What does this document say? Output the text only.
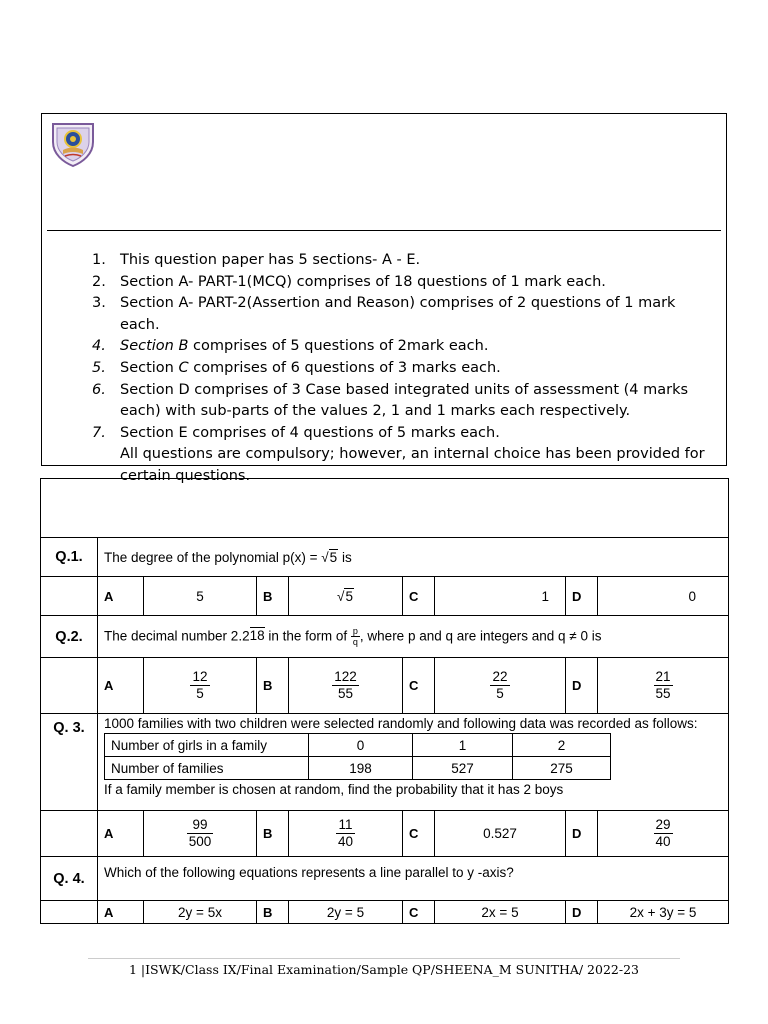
1. This question paper has 5 sections- A - E.
2. Section A- PART-1(MCQ) comprises of 18 questions of 1 mark each.
3. Section A- PART-2(Assertion and Reason) comprises of 2 questions of 1 mark each.
4. Section B comprises of 5 questions of 2mark each.
5. Section C comprises of 6 questions of 3 marks each.
6. Section D comprises of 3 Case based integrated units of assessment (4 marks each) with sub-parts of the values 2, 1 and 1 marks each respectively.
7. Section E comprises of 4 questions of 5 marks each.
All questions are compulsory; however, an internal choice has been provided for certain questions.

Q.1.	The degree of the polynomial p(x) = √5 is
	A	5	B	√5	C	1	D	0
Q.2.	The decimal number 2.218 in the form of $\frac{p}{q}$ , where p and q are integers and q ≠ 0 is
	A	$\frac{12}{5}$	B	$\frac{122}{55}$	C	$\frac{22}{5}$	D	$\frac{21}{55}$

Q. 3.	1000 families with two children were selected randomly and following data was recorded as follows:
Number of girls in a family	0	1	2
Number of families	198	527	275
If a family member is chosen at random, find the probability that it has 2 boys

	A	$\frac{99}{500}$	B	$\frac{11}{40}$	C	0.527	D	$\frac{29}{40}$

Q. 4.	Which of the following equations represents a line parallel to y -axis?
	A	2y = 5x	B	2y = 5	C	2x = 5	D	2x + 3y = 5
1 |ISWK/Class IX/Final Examination/Sample QP/SHEENA_M SUNITHA/ 2022-23
